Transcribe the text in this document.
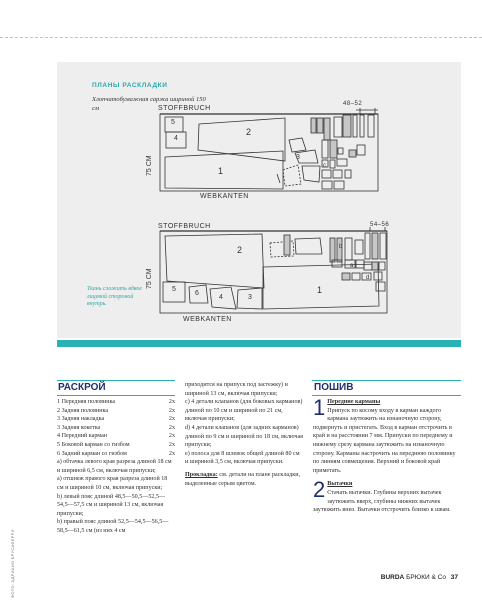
ПЛАНЫ РАСКЛАДКИ
Хлопчатобумажная саржа шириной 150 см	STOFFBRUCH
48–52
WEBKANTEN
75 CM
STOFFBRUCH	54–56
WEBKANTEN
75 CM
Ткань сложить вдвое лицевой стороной внутрь.
2
1
5
4
3
2
1
5
6
4	3
c
b
a
d
РАСКРОЙ	ПОШИВ
1 Передняя половинка	2x
2 Задняя половинка	2x
3 Задняя накладка	2x
3 Задняя кокетка	2x
4 Передний карман	2x
5 Боковой карман со гизбом	2x
6 Задний карман со гизбом	2x

а) обтачка левого края разреза длиной 18 см и шириной 6,5 см, включая припуски;

а) отшнеж правого края разреза длиной 18 см и шириной 10 см, включая припуски;

b) левый пояс длиной 48,5—50,5—52,5—54,5—57,5 см и шириной 13 см, включая припуски;

b) правый пояс длиной 52,5—54,5—56,5—58,5—61,5 см (из них 4 см

приходится на припуск под застежку) и шириной 13 см, включая припуски;

с) 4 детали клапанов (для боковых карманов) длиной по 10 см и шириной по 21 см, включая припуски;

d) 4 детали клапанов (для задних карманов) длиной по 9 см и шириной по 18 см, включая припуски;

е) полоса для 8 шлевок общей длиной 80 см и шириной 3,5 см, включая припуски.

Прокладка: см. детали на плане раскладки, выделенные серым цветом.

1 Передние карманы

Припуск по косому входу в карман каждого кармана заутюжить на изнаночную сторону, подвернуть и пристегать. Вход в карман отстрочить в край и на расстоянии 7 мм. Припуски по переднему и нижнему срезу кармана заутюжить на изнаночную сторону. Карманы настрочить на переднюю половинку по линиям совмещения. Верхний и боковой край приметать.

2 Вытачки

Стачать вытачки. Глубины верхних вытачек заутюжить вверх, глубины нижних вытачек заутюжить вниз. Вытачки отстрочить близко к швам.

ФОТО: АДРИАНО БРУСАФЕРРИ	BURDA БРЮКИ & Co 37
